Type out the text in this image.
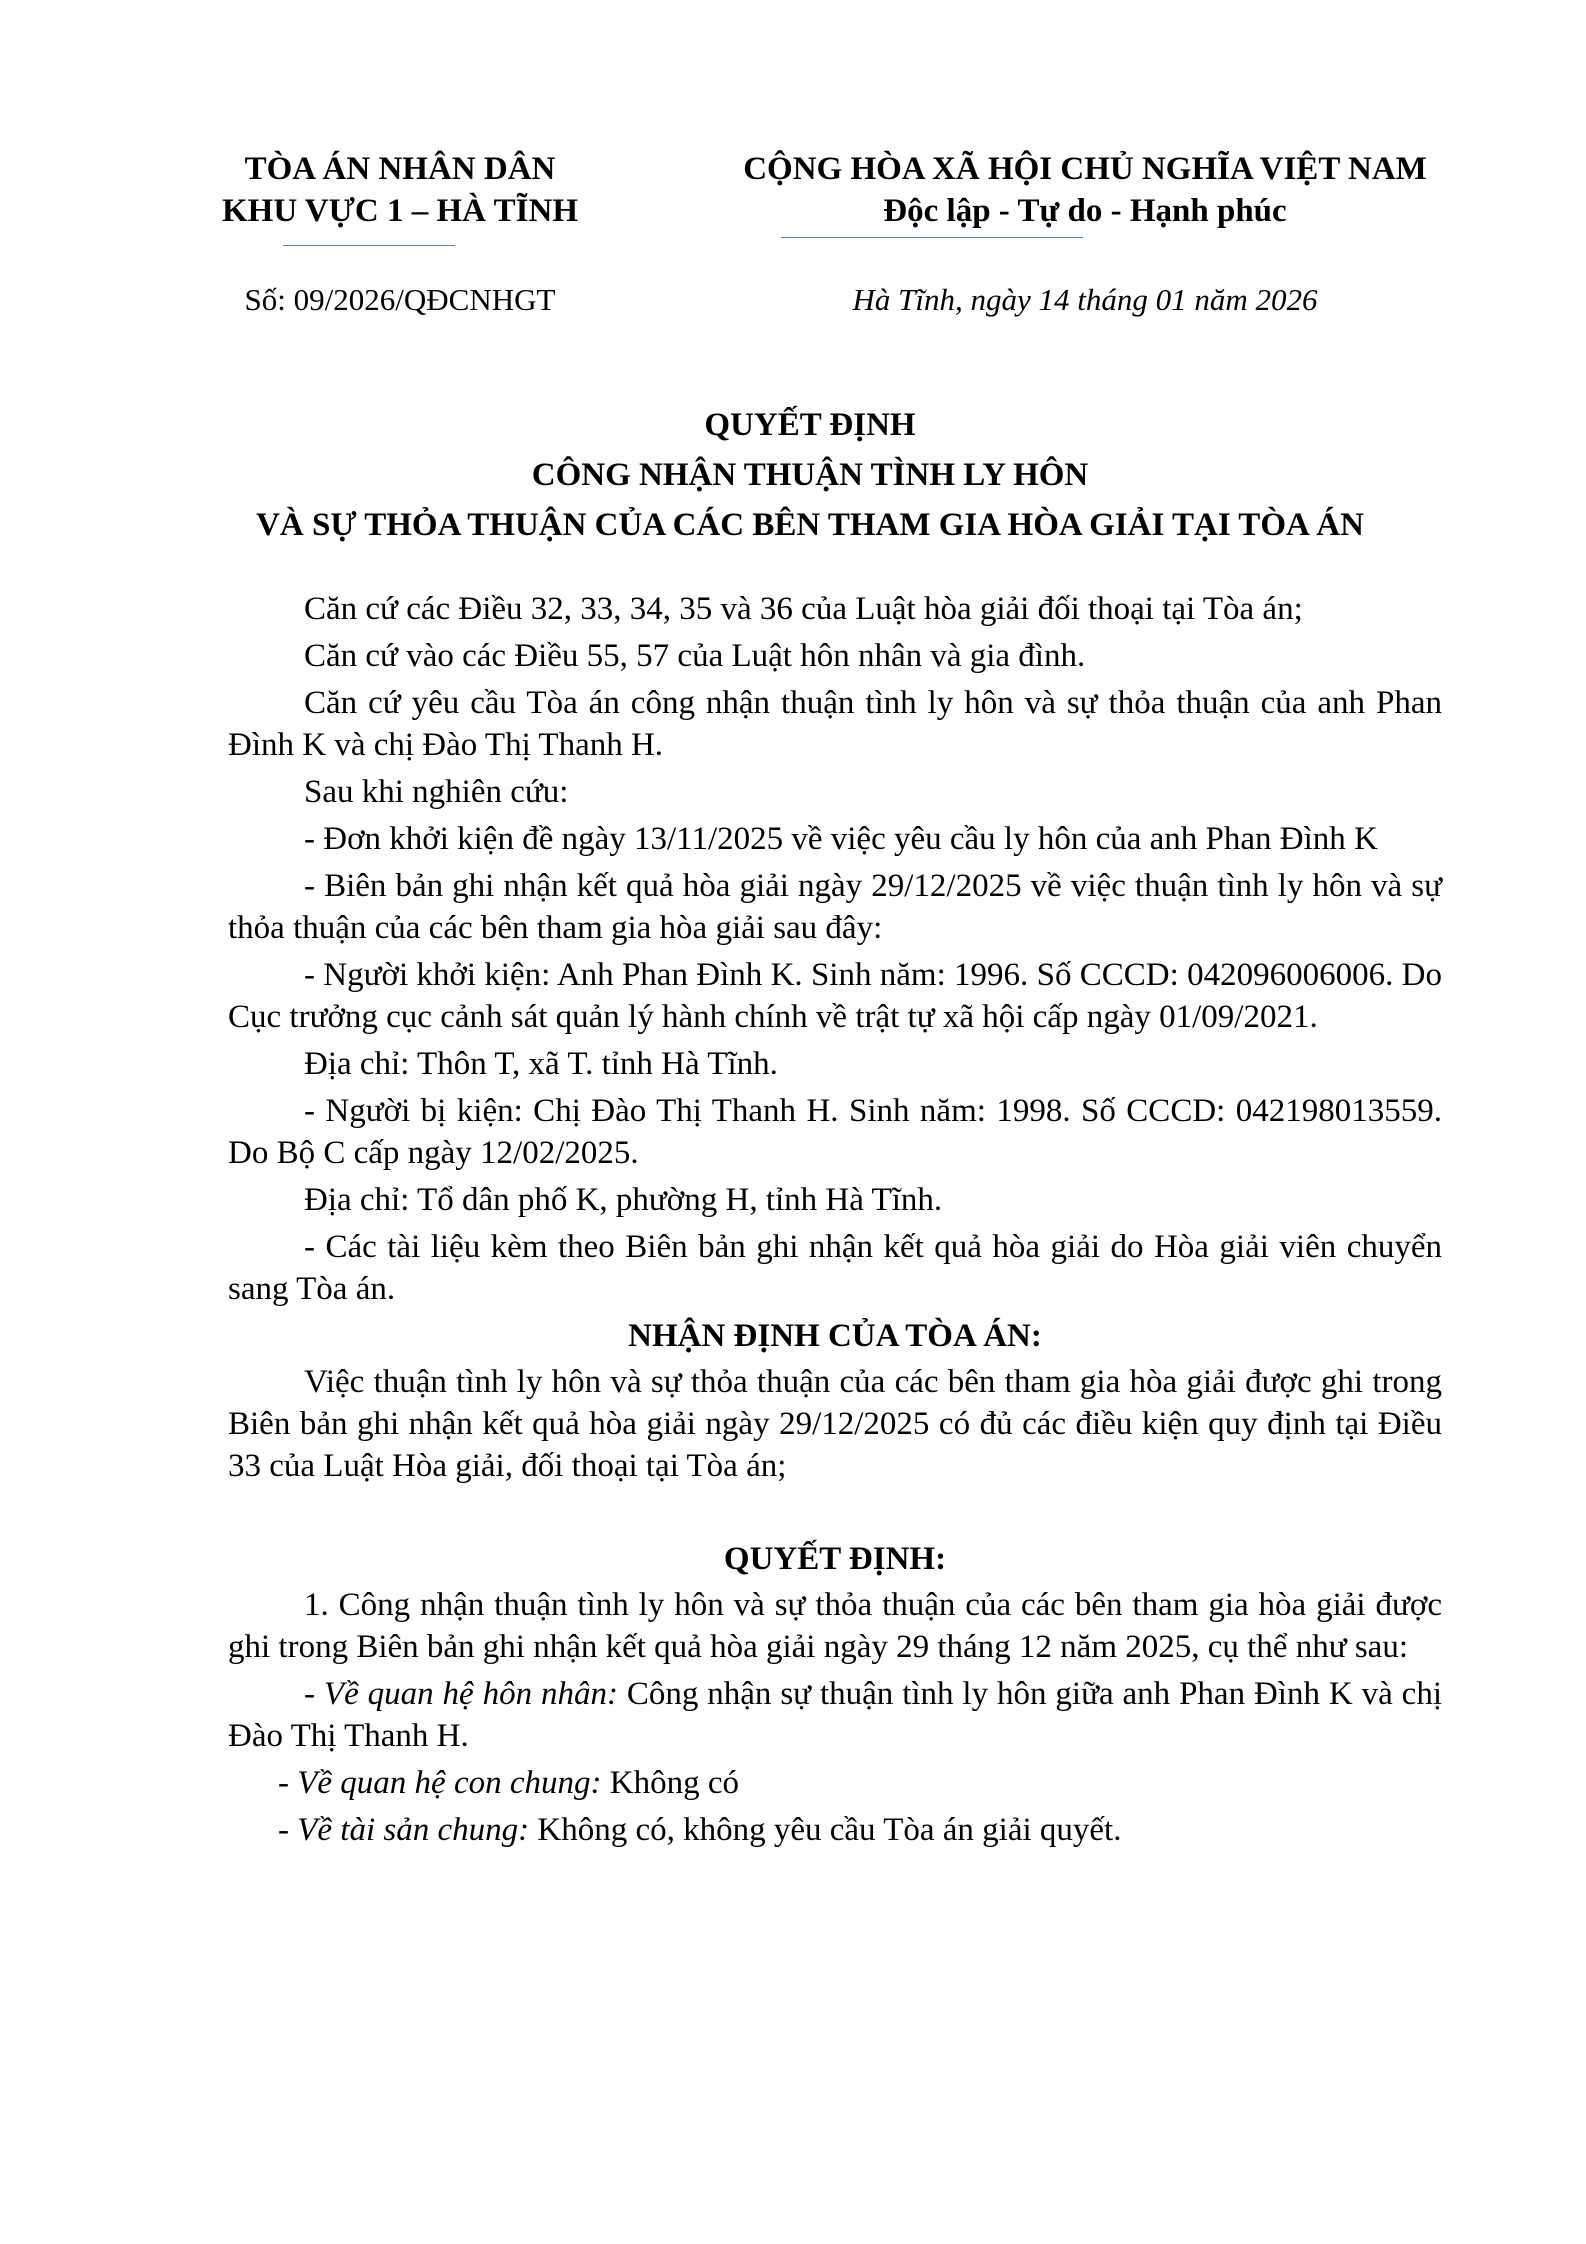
TÒA ÁN NHÂN DÂN
KHU VỰC 1 – HÀ TĨNH
CỘNG HÒA XÃ HỘI CHỦ NGHĨA VIỆT NAM
Độc lập - Tự do - Hạnh phúc
Số: 09/2026/QĐCNHGT	Hà Tĩnh, ngày 14 tháng 01 năm 2026
QUYẾT ĐỊNH
CÔNG NHẬN THUẬN TÌNH LY HÔN
VÀ SỰ THỎA THUẬN CỦA CÁC BÊN THAM GIA HÒA GIẢI TẠI TÒA ÁN

Căn cứ các Điều 32, 33, 34, 35 và 36 của Luật hòa giải đối thoại tại Tòa án;

Căn cứ vào các Điều 55, 57 của Luật hôn nhân và gia đình.

Căn cứ yêu cầu Tòa án công nhận thuận tình ly hôn và sự thỏa thuận của anh Phan Đình K và chị Đào Thị Thanh H.

Sau khi nghiên cứu:

- Đơn khởi kiện đề ngày 13/11/2025 về việc yêu cầu ly hôn của anh Phan Đình K

- Biên bản ghi nhận kết quả hòa giải ngày 29/12/2025 về việc thuận tình ly hôn và sự thỏa thuận của các bên tham gia hòa giải sau đây:

- Người khởi kiện: Anh Phan Đình K. Sinh năm: 1996. Số CCCD: 042096006006. Do Cục trưởng cục cảnh sát quản lý hành chính về trật tự xã hội cấp ngày 01/09/2021.

Địa chỉ: Thôn T, xã T. tỉnh Hà Tĩnh.

- Người bị kiện: Chị Đào Thị Thanh H. Sinh năm: 1998. Số CCCD: 042198013559. Do Bộ C cấp ngày 12/02/2025.

Địa chỉ: Tổ dân phố K, phường H, tỉnh Hà Tĩnh.

- Các tài liệu kèm theo Biên bản ghi nhận kết quả hòa giải do Hòa giải viên chuyển sang Tòa án.

NHẬN ĐỊNH CỦA TÒA ÁN:

Việc thuận tình ly hôn và sự thỏa thuận của các bên tham gia hòa giải được ghi trong Biên bản ghi nhận kết quả hòa giải ngày 29/12/2025 có đủ các điều kiện quy định tại Điều 33 của Luật Hòa giải, đối thoại tại Tòa án;

QUYẾT ĐỊNH:

1. Công nhận thuận tình ly hôn và sự thỏa thuận của các bên tham gia hòa giải được ghi trong Biên bản ghi nhận kết quả hòa giải ngày 29 tháng 12 năm 2025, cụ thể như sau:

- Về quan hệ hôn nhân: Công nhận sự thuận tình ly hôn giữa anh Phan Đình K và chị Đào Thị Thanh H.

- Về quan hệ con chung: Không có

- Về tài sản chung: Không có, không yêu cầu Tòa án giải quyết.
